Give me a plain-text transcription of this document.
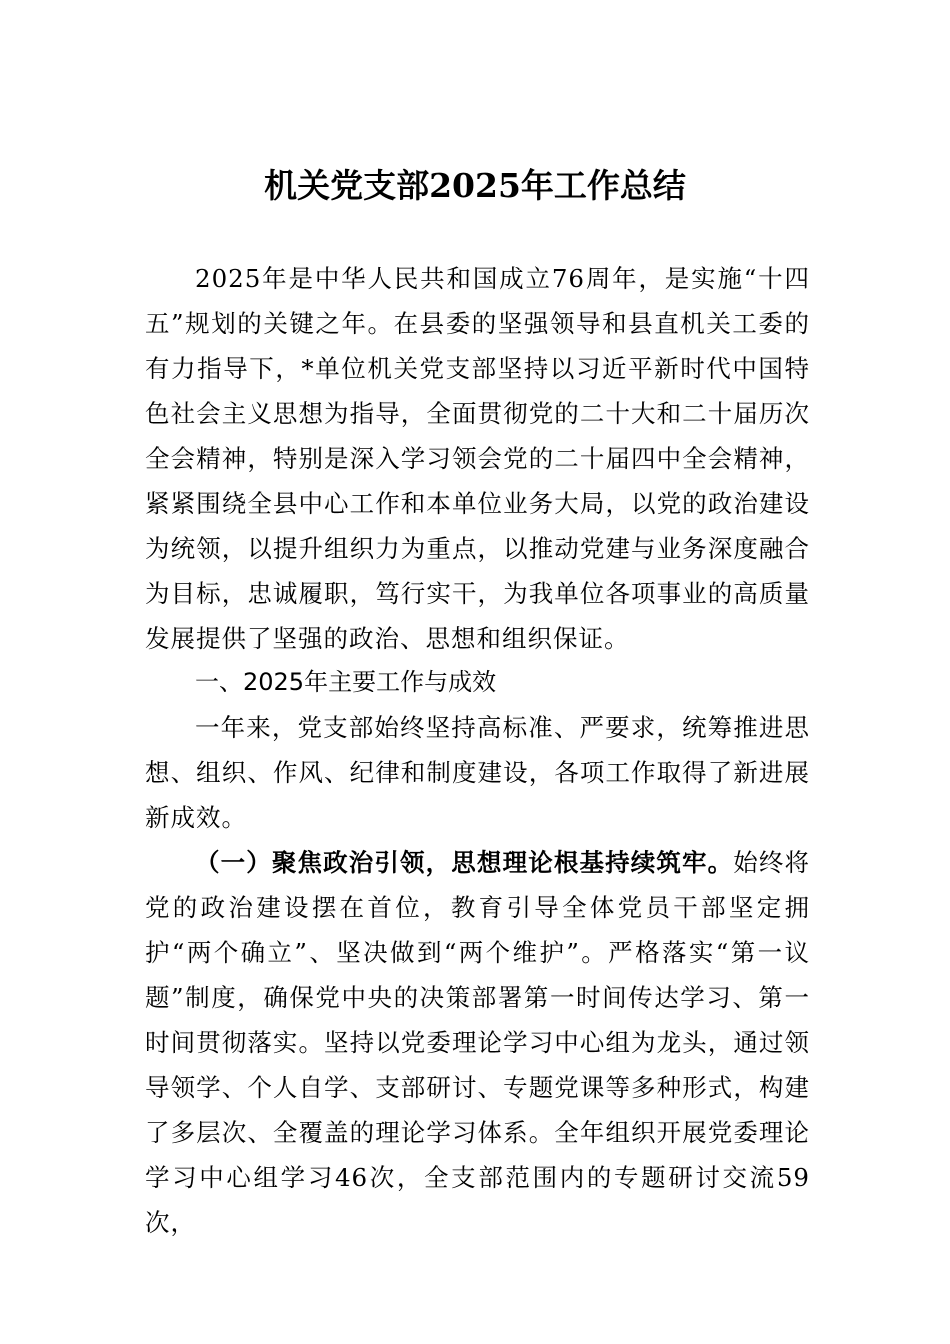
机关党支部2025年工作总结

2025年是中华人民共和国成立76周年，是实施“十四五”规划的关键之年。在县委的坚强领导和县直机关工委的有力指导下，*单位机关党支部坚持以习近平新时代中国特色社会主义思想为指导，全面贯彻党的二十大和二十届历次全会精神，特别是深入学习领会党的二十届四中全会精神，紧紧围绕全县中心工作和本单位业务大局，以党的政治建设为统领，以提升组织力为重点，以推动党建与业务深度融合为目标，忠诚履职，笃行实干，为我单位各项事业的高质量发展提供了坚强的政治、思想和组织保证。

一、2025年主要工作与成效

一年来，党支部始终坚持高标准、严要求，统筹推进思想、组织、作风、纪律和制度建设，各项工作取得了新进展新成效。

（一）聚焦政治引领，思想理论根基持续筑牢。始终将党的政治建设摆在首位，教育引导全体党员干部坚定拥护“两个确立”、坚决做到“两个维护”。严格落实“第一议题”制度，确保党中央的决策部署第一时间传达学习、第一时间贯彻落实。坚持以党委理论学习中心组为龙头，通过领导领学、个人自学、支部研讨、专题党课等多种形式，构建了多层次、全覆盖的理论学习体系。全年组织开展党委理论学习中心组学习46次，全支部范围内的专题研讨交流59次，
